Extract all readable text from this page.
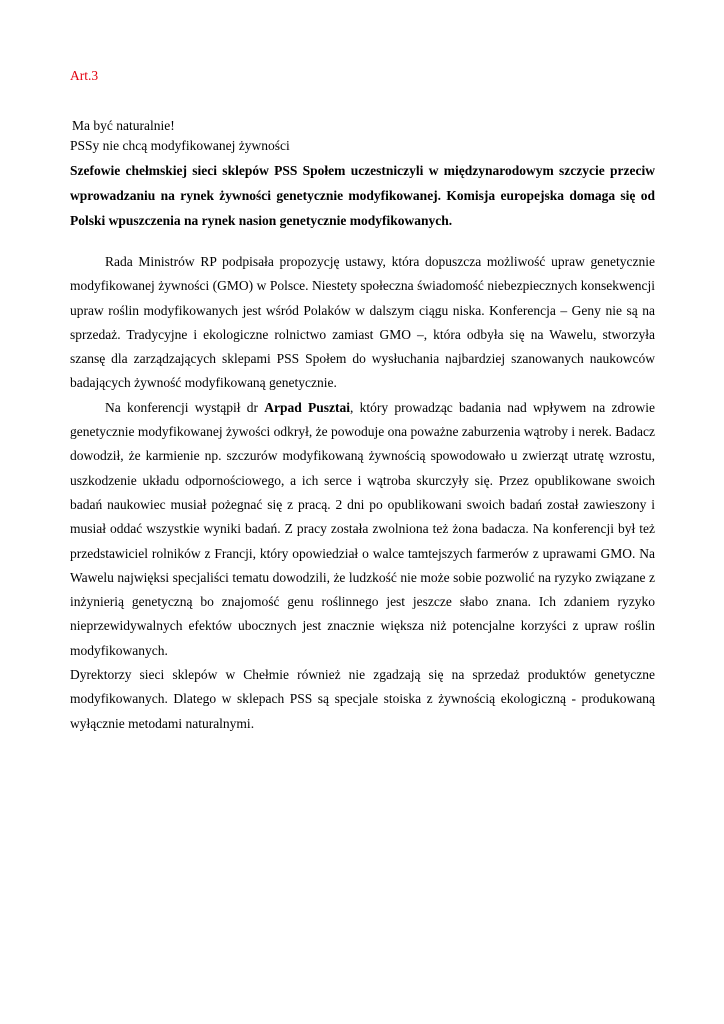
Art.3
Ma być naturalnie!
PSSy nie chcą modyfikowanej żywności
Szefowie chełmskiej sieci sklepów PSS Społem uczestniczyli w międzynarodowym szczycie przeciw wprowadzaniu na rynek żywności genetycznie modyfikowanej. Komisja europejska domaga się od Polski wpuszczenia na rynek nasion genetycznie modyfikowanych.

Rada Ministrów RP podpisała propozycję ustawy, która dopuszcza możliwość upraw genetycznie modyfikowanej żywności (GMO) w Polsce. Niestety społeczna świadomość niebezpiecznych konsekwencji upraw roślin modyfikowanych jest wśród Polaków w dalszym ciągu niska. Konferencja – Geny nie są na sprzedaż. Tradycyjne i ekologiczne rolnictwo zamiast GMO –, która odbyła się na Wawelu, stworzyła szansę dla zarządzających sklepami PSS Społem do wysłuchania najbardziej szanowanych naukowców badających żywność modyfikowaną genetycznie.

Na konferencji wystąpił dr Arpad Pusztai, który prowadząc badania nad wpływem na zdrowie genetycznie modyfikowanej żywości odkrył, że powoduje ona poważne zaburzenia wątroby i nerek. Badacz dowodził, że karmienie np. szczurów modyfikowaną żywnością spowodowało u zwierząt utratę wzrostu, uszkodzenie układu odpornościowego, a ich serce i wątroba skurczyły się. Przez opublikowane swoich badań naukowiec musiał pożegnać się z pracą. 2 dni po opublikowani swoich badań został zawieszony i musiał oddać wszystkie wyniki badań. Z pracy została zwolniona też żona badacza. Na konferencji był też przedstawiciel rolników z Francji, który opowiedział o walce tamtejszych farmerów z uprawami GMO. Na Wawelu najwięksi specjaliści tematu dowodzili, że ludzkość nie może sobie pozwolić na ryzyko związane z inżynierią genetyczną bo znajomość genu roślinnego jest jeszcze słabo znana. Ich zdaniem ryzyko nieprzewidywalnych efektów ubocznych jest znacznie większa niż potencjalne korzyści z upraw roślin modyfikowanych.

Dyrektorzy sieci sklepów w Chełmie również nie zgadzają się na sprzedaż produktów genetyczne modyfikowanych. Dlatego w sklepach PSS są specjale stoiska z żywnością ekologiczną - produkowaną wyłącznie metodami naturalnymi.
